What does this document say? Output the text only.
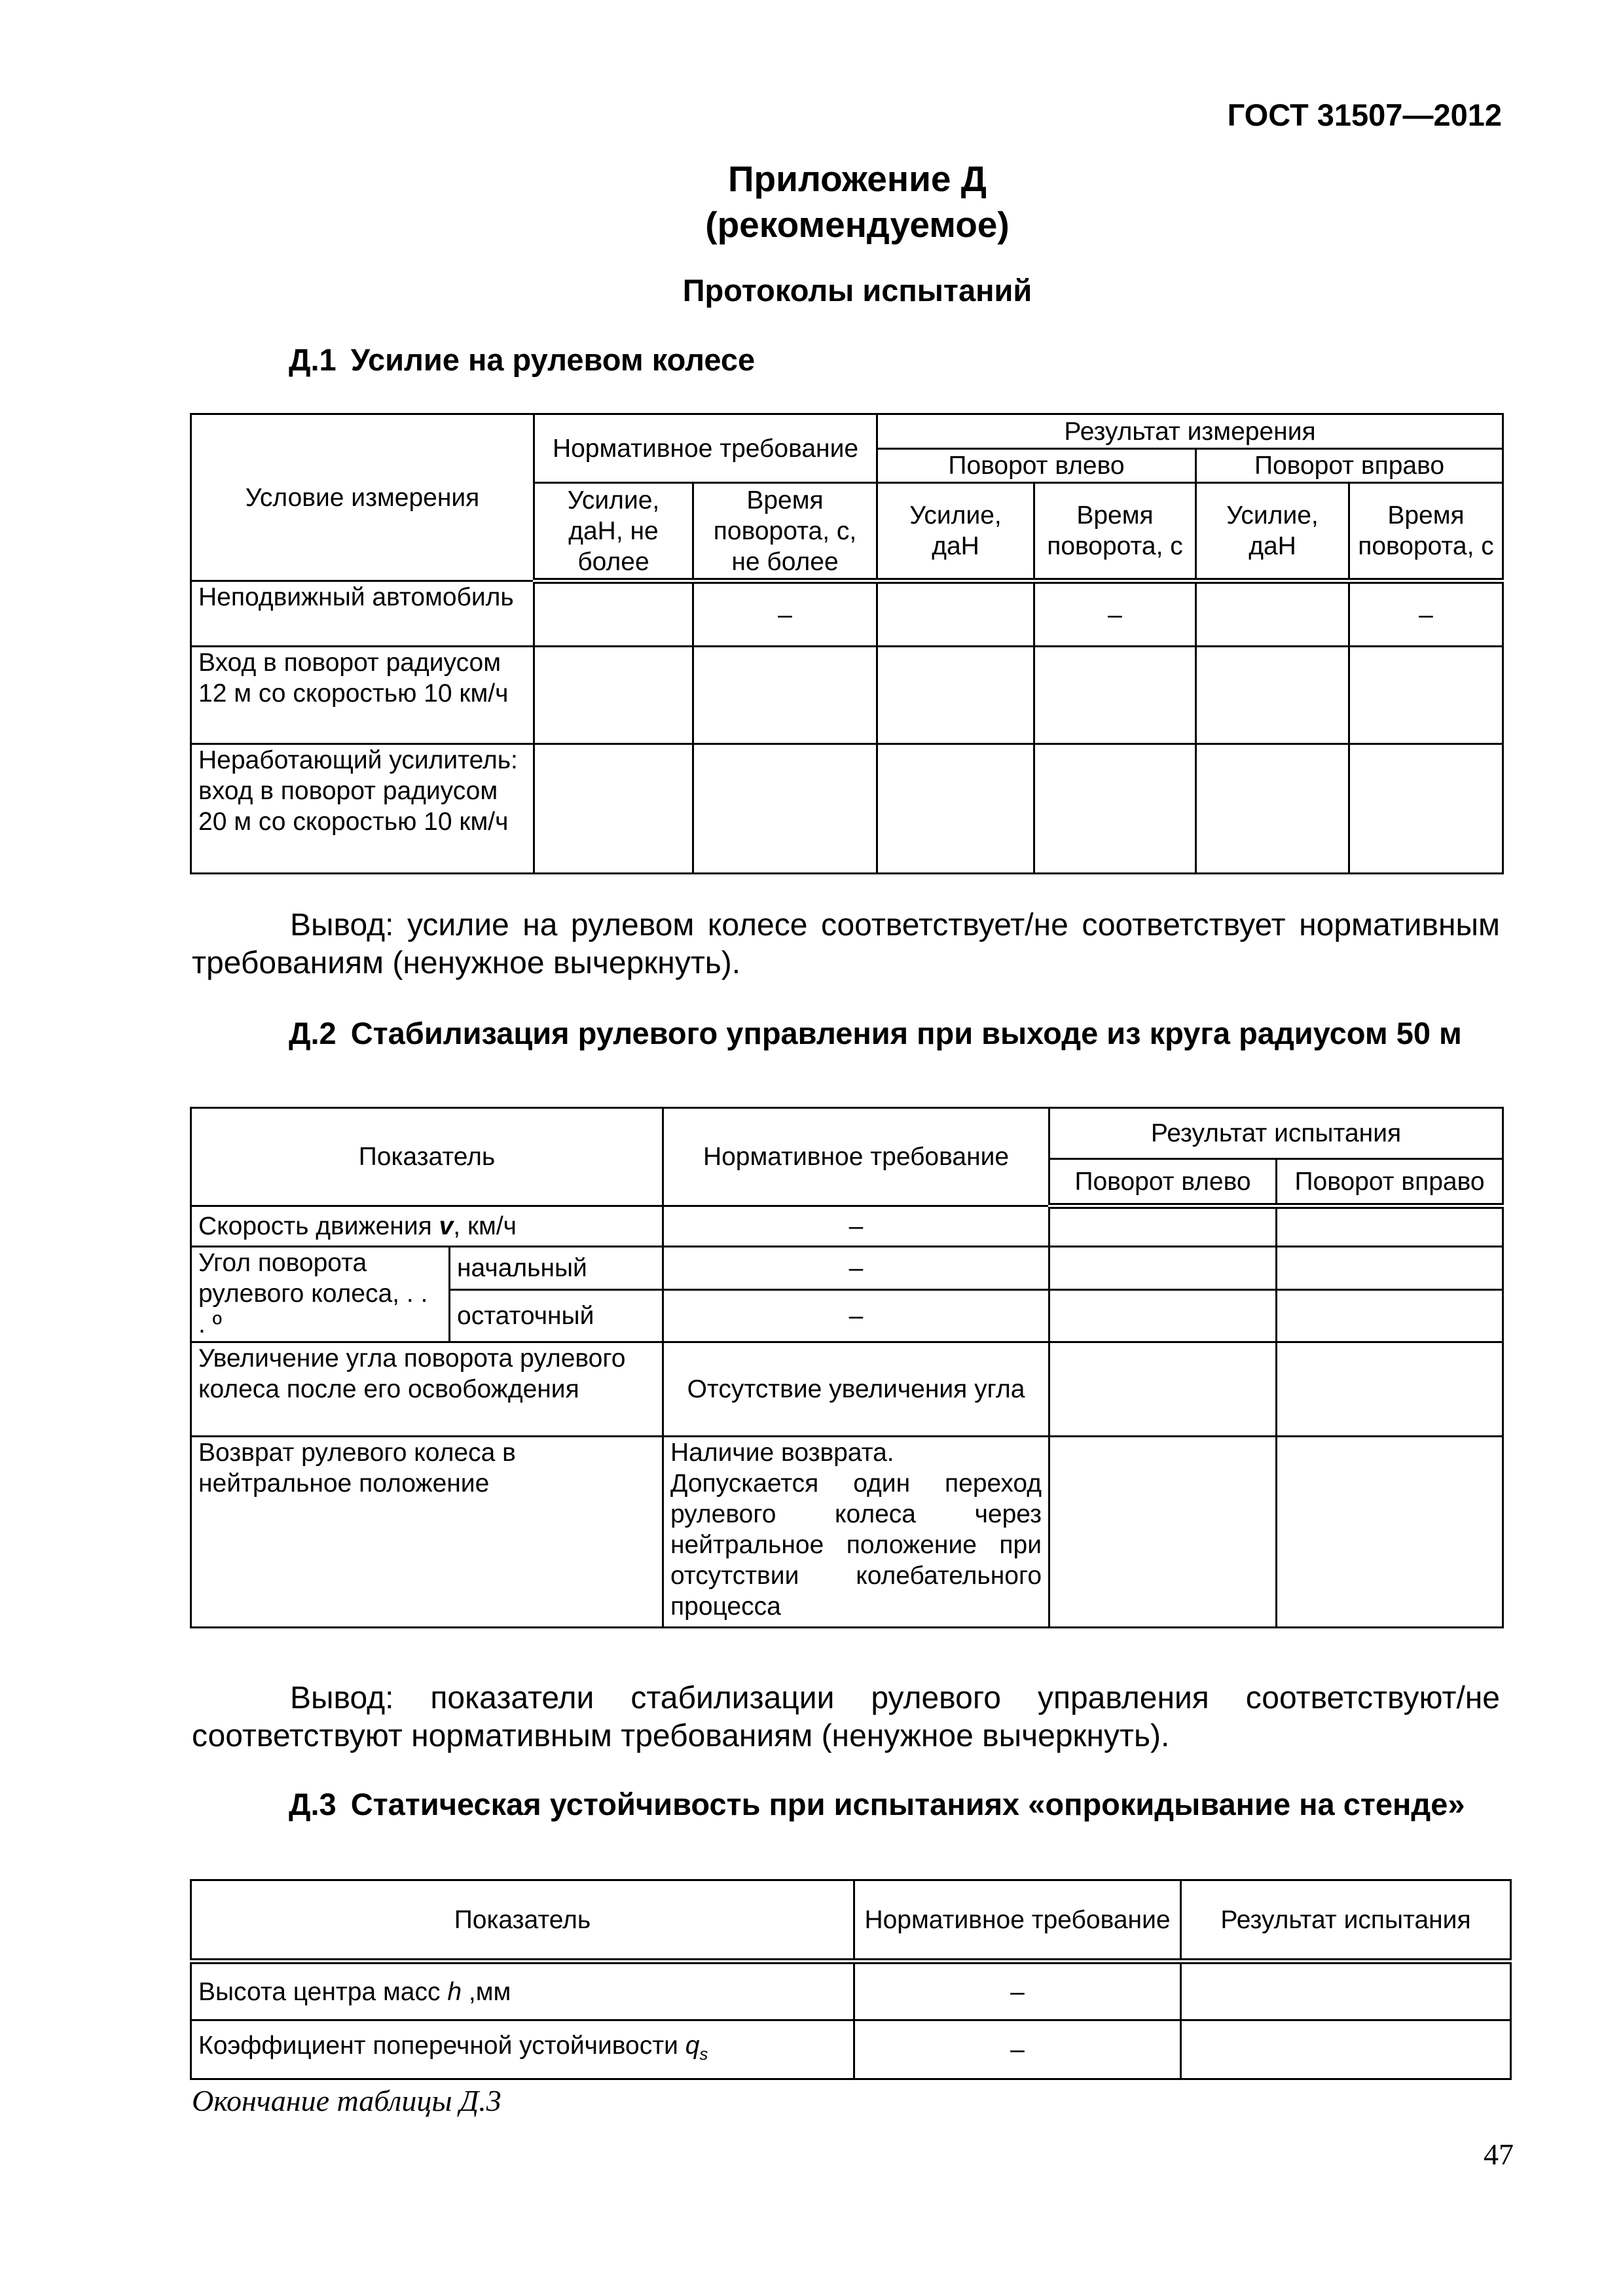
ГОСТ 31507—2012
Приложение Д
(рекомендуемое)
Протоколы испытаний
Д.1 Усилие на рулевом колесе
Условие измерения	Нормативное требование		Результат измерения			
			Поворот влево		Поворот вправо	
	Усилие, даН, не более	Время поворота, с, не более	Усилие, даН	Время поворота, с	Усилие, даН	Время поворота, с
Неподвижный автомобиль		–		–		–
Вход в поворот радиусом 12 м со скоростью 10 км/ч						
Неработающий усилитель: вход в поворот радиусом 20 м со скоростью 10 км/ч						
Вывод: усилие на рулевом колесе соответствует/не соответствует нормативным требованиям (ненужное вычеркнуть).
Д.2 Стабилизация рулевого управления при выходе из круга радиусом 50 м
Показатель		Нормативное требование	Результат испытания	
			Поворот влево	Поворот вправо
Скорость движения v, км/ч		–		
Угол поворота рулевого колеса, . . . º	начальный	–		
	остаточный	–		
Увеличение угла поворота рулевого колеса после его освобождения		Отсутствие увеличения угла		
Возврат рулевого колеса в нейтральное положение		Наличие возврата.
Допускается один переход рулевого колеса через нейтральное положение при отсутствии колебательного процесса		

Вывод: показатели стабилизации рулевого управления соответствуют/не соответствуют нормативным требованиям (ненужное вычеркнуть).
Д.3 Статическая устойчивость при испытаниях «опрокидывание на стенде»
Показатель	Нормативное требование	Результат испытания
Высота центра масс h ,мм	–	
Коэффициент поперечной устойчивости $q_s$	–	
Окончание таблицы Д.3
47
